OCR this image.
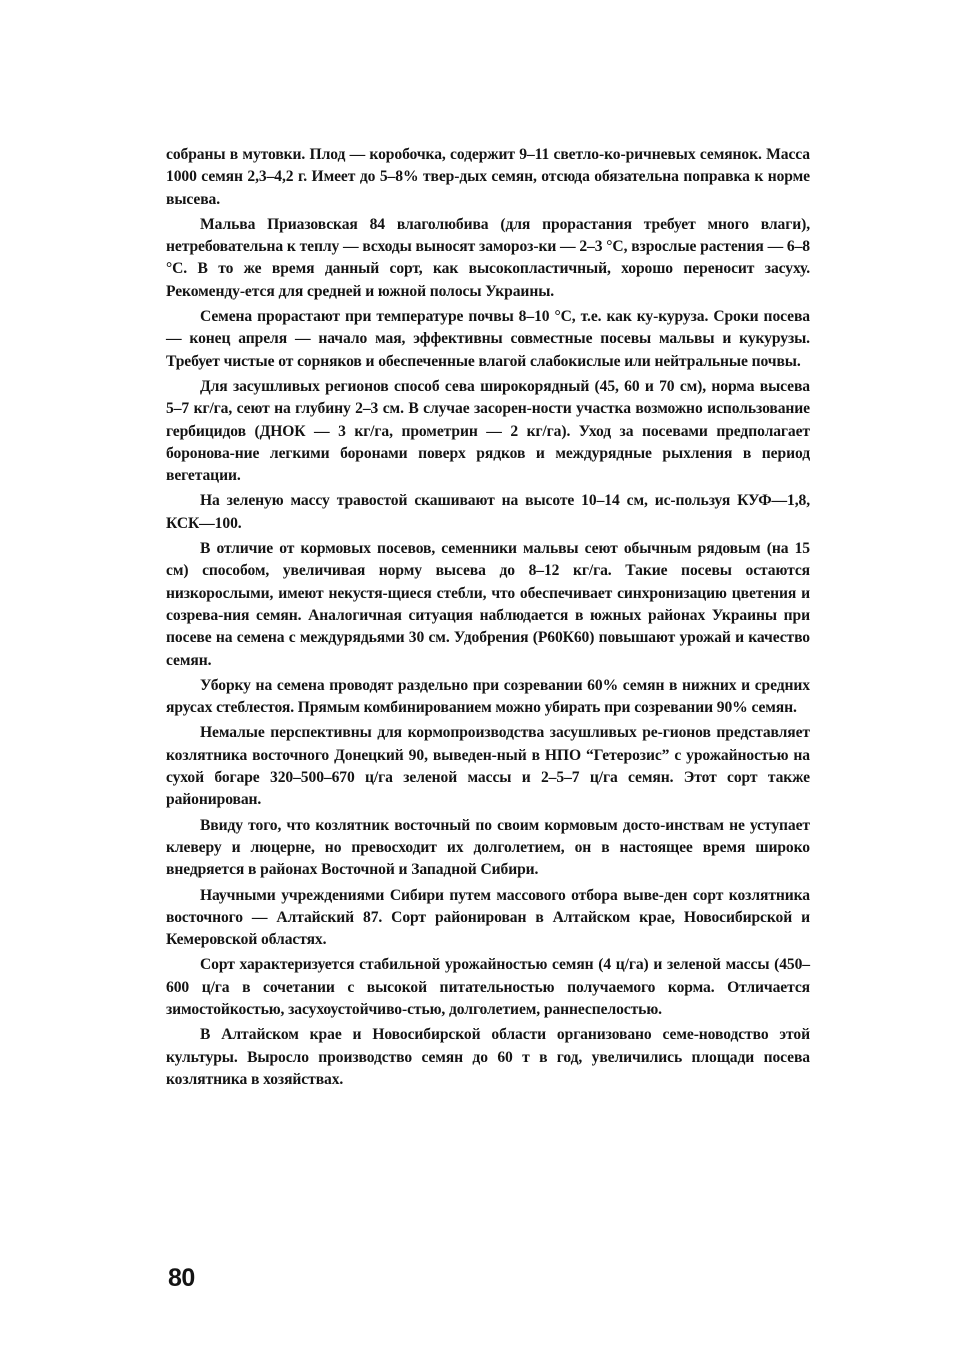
собраны в мутовки. Плод — коробочка, содержит 9–11 светло-ко-ричневых семянок. Масса 1000 семян 2,3–4,2 г. Имеет до 5–8% твер-дых семян, отсюда обязательна поправка к норме высева.

Мальва Приазовская 84 влаголюбива (для прорастания требует много влаги), нетребовательна к теплу — всходы выносят замороз-ки — 2–3 °С, взрослые растения — 6–8 °С. В то же время данный сорт, как высокопластичный, хорошо переносит засуху. Рекоменду-ется для средней и южной полосы Украины.

Семена прорастают при температуре почвы 8–10 °С, т.е. как ку-куруза. Сроки посева — конец апреля — начало мая, эффективны совместные посевы мальвы и кукурузы. Требует чистые от сорняков и обеспеченные влагой слабокислые или нейтральные почвы.

Для засушливых регионов способ сева широкорядный (45, 60 и 70 см), норма высева 5–7 кг/га, сеют на глубину 2–3 см. В случае засорен-ности участка возможно использование гербицидов (ДНОК — 3 кг/га, прометрин — 2 кг/га). Уход за посевами предполагает боронова-ние легкими боронами поверх рядков и междурядные рыхления в период вегетации.

На зеленую массу травостой скашивают на высоте 10–14 см, ис-пользуя КУФ—1,8, КСК—100.

В отличие от кормовых посевов, семенники мальвы сеют обычным рядовым (на 15 см) способом, увеличивая норму высева до 8–12 кг/га. Такие посевы остаются низкорослыми, имеют некустя-щиеся стебли, что обеспечивает синхронизацию цветения и созрева-ния семян. Аналогичная ситуация наблюдается в южных районах Украины при посеве на семена с междурядьями 30 см. Удобрения (Р60К60) повышают урожай и качество семян.

Уборку на семена проводят раздельно при созревании 60% семян в нижних и средних ярусах стеблестоя. Прямым комбинированием можно убирать при созревании 90% семян.

Немалые перспективны для кормопроизводства засушливых ре-гионов представляет козлятника восточного Донецкий 90, выведен-ный в НПО “Гетерозис” с урожайностью на сухой богаре 320–500–670 ц/га зеленой массы и 2–5–7 ц/га семян. Этот сорт также районирован.

Ввиду того, что козлятник восточный по своим кормовым досто-инствам не уступает клеверу и люцерне, но превосходит их долголетием, он в настоящее время широко внедряется в районах Восточной и Западной Сибири.

Научными учреждениями Сибири путем массового отбора выве-ден сорт козлятника восточного — Алтайский 87. Сорт районирован в Алтайском крае, Новосибирской и Кемеровской областях.

Сорт характеризуется стабильной урожайностью семян (4 ц/га) и зеленой массы (450–600 ц/га в сочетании с высокой питательностью получаемого корма. Отличается зимостойкостью, засухоустойчиво-стью, долголетием, раннеспелостью.

В Алтайском крае и Новосибирской области организовано семе-новодство этой культуры. Выросло производство семян до 60 т в год, увеличились площади посева козлятника в хозяйствах.

80
